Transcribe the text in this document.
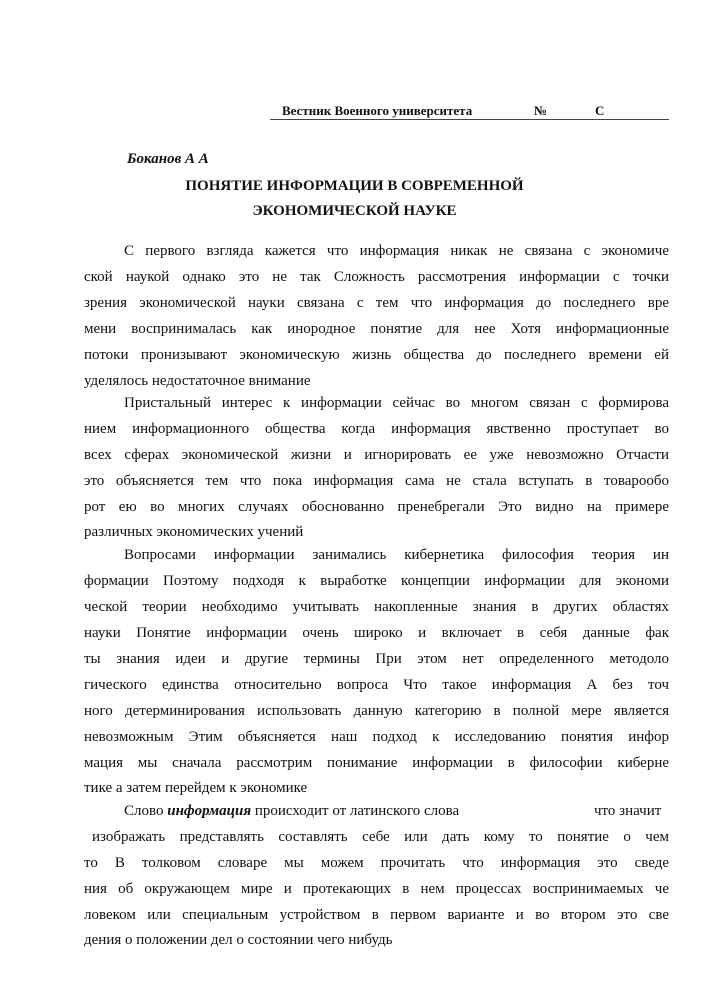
Вестник Военного университета	№	С
Боканов А А
ПОНЯТИЕ ИНФОРМАЦИИ В СОВРЕМЕННОЙ
ЭКОНОМИЧЕСКОЙ НАУКЕ
С первого взгляда кажется что информация никак не связана с экономиче
ской наукой однако это не так Сложность рассмотрения информации с точки
зрения экономической науки связана с тем что информация до последнего вре
мени воспринималась как инородное понятие для нее Хотя информационные
потоки пронизывают экономическую жизнь общества до последнего времени ей
уделялось недостаточное внимание
Пристальный интерес к информации сейчас во многом связан с формирова
нием информационного общества когда информация явственно проступает во
всех сферах экономической жизни и игнорировать ее уже невозможно Отчасти
это объясняется тем что пока информация сама не стала вступать в товарообо
рот ею во многих случаях обоснованно пренебрегали Это видно на примере
различных экономических учений
Вопросами информации занимались кибернетика философия теория ин
формации Поэтому подходя к выработке концепции информации для экономи
ческой теории необходимо учитывать накопленные знания в других областях
науки Понятие информации очень широко и включает в себя данные фак
ты знания идеи и другие термины При этом нет определенного методоло
гического единства относительно вопроса Что такое информация А без точ
ного детерминирования использовать данную категорию в полной мере является
невозможным Этим объясняется наш подход к исследованию понятия инфор
мация мы сначала рассмотрим понимание информации в философии киберне
тике а затем перейдем к экономике
Слово информация происходит от латинского слова	что значит
изображать представлять составлять себе или дать кому то понятие о чем
то В толковом словаре мы можем прочитать что информация это сведе
ния об окружающем мире и протекающих в нем процессах воспринимаемых че
ловеком или специальным устройством в первом варианте и во втором это све
дения о положении дел о состоянии чего нибудь
